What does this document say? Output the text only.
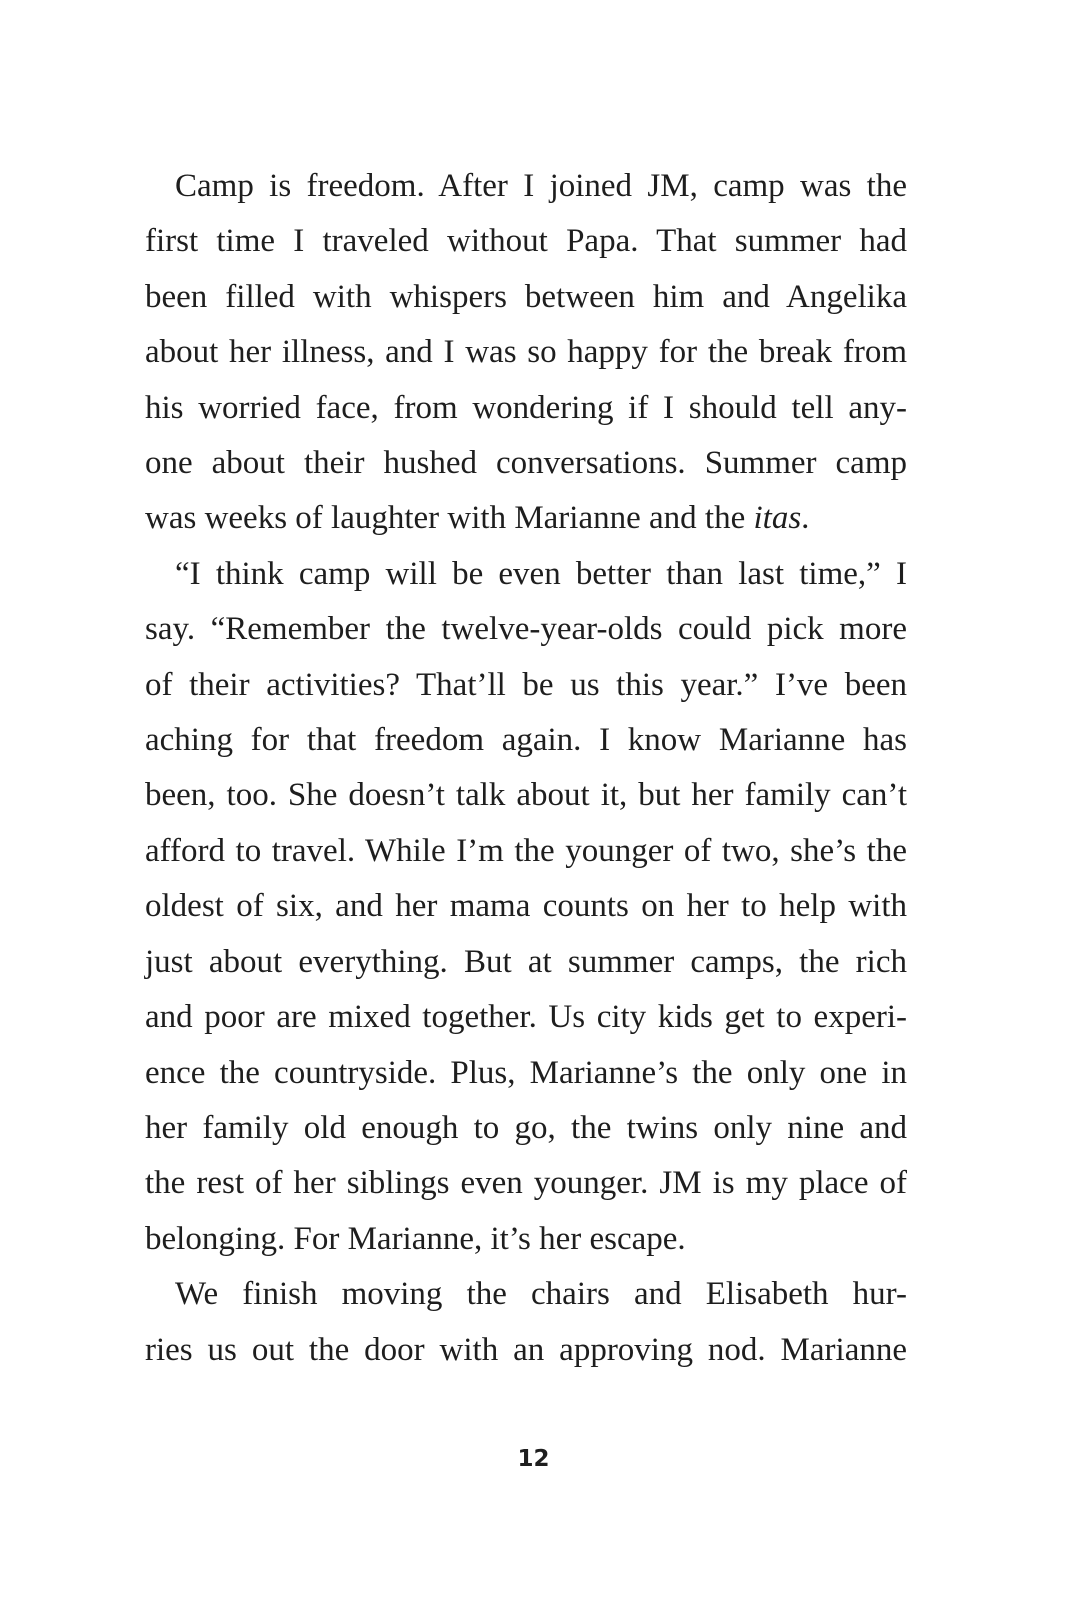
Camp is freedom. After I joined JM, camp was the
first time I traveled without Papa. That summer had
been filled with whispers between him and Angelika
about her illness, and I was so happy for the break from
his worried face, from wondering if I should tell any-
one about their hushed conversations. Summer camp
was weeks of laughter with Marianne and the itas.
“I think camp will be even better than last time,” I
say. “Remember the twelve-year-olds could pick more
of their activities? That’ll be us this year.” I’ve been
aching for that freedom again. I know Marianne has
been, too. She doesn’t talk about it, but her family can’t
afford to travel. While I’m the younger of two, she’s the
oldest of six, and her mama counts on her to help with
just about everything. But at summer camps, the rich
and poor are mixed together. Us city kids get to experi-
ence the countryside. Plus, Marianne’s the only one in
her family old enough to go, the twins only nine and
the rest of her siblings even younger. JM is my place of
belonging. For Marianne, it’s her escape.
We finish moving the chairs and Elisabeth hur-
ries us out the door with an approving nod. Marianne
12
